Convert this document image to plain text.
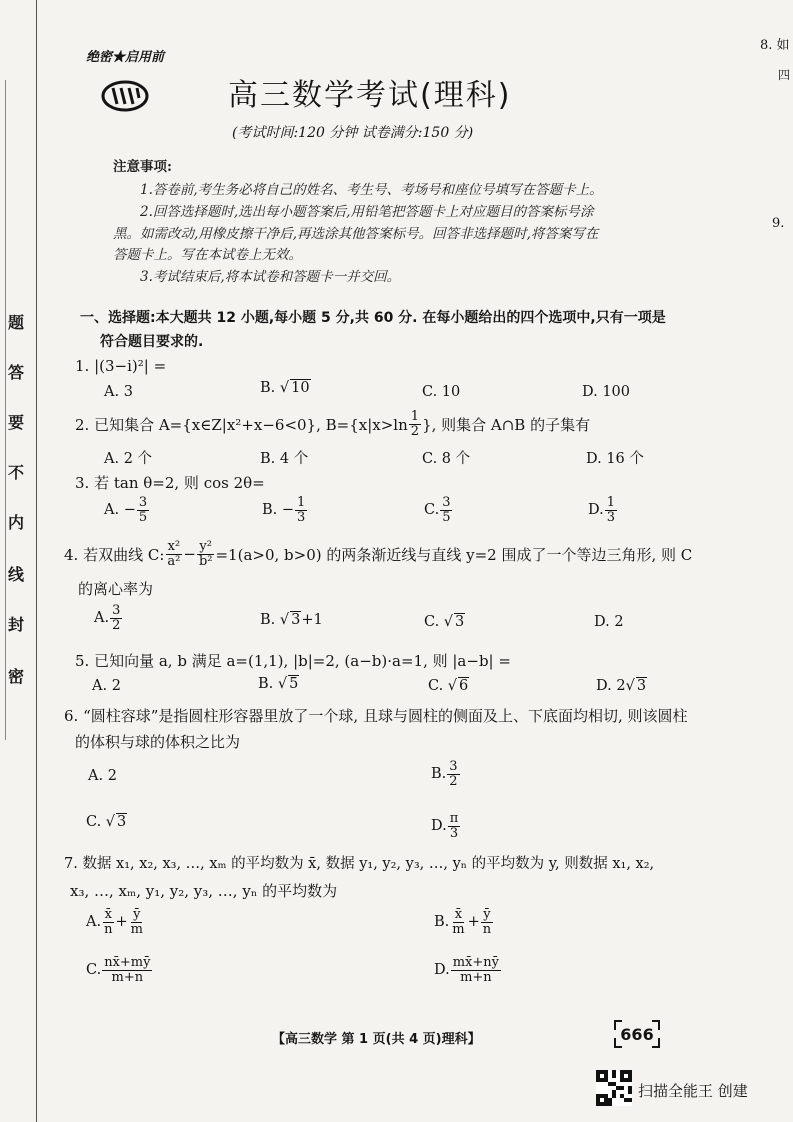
题
答
要
不
内
线
封
密
8. 如
四
9.
绝密★启用前
高三数学考试(理科)
(考试时间:120 分钟 试卷满分:150 分)
注意事项:
1.答卷前,考生务必将自己的姓名、考生号、考场号和座位号填写在答题卡上。
2.回答选择题时,选出每小题答案后,用铅笔把答题卡上对应题目的答案标号涂
黑。如需改动,用橡皮擦干净后,再选涂其他答案标号。回答非选择题时,将答案写在
答题卡上。写在本试卷上无效。
3.考试结束后,将本试卷和答题卡一并交回。
一、选择题:本大题共 12 小题,每小题 5 分,共 60 分. 在每小题给出的四个选项中,只有一项是
符合题目要求的.
1. |(3−i)²| =
A. 3	B. √ 10	C. 10	D. 100
2. 已知集合 A={x∈Z|x²+x−6<0}, $B=\{x|x>\ln \frac{1}{2}$ }, 则集合 A∩B 的子集有
A. 2 个	B. 4 个	C. 8 个	D. 16 个
3. 若 tan θ=2, 则 cos 2θ=
A. − $\frac{3}{5}$	B. − $\frac{1}{3}$	C. $\frac{3}{5}$	D. $\frac{1}{3}$
4. 若双曲线 C: $\frac{\text{x²}}{\text{a²}} - \frac{\text{y²}}{\text{b²}} =1(a>0$, b>0) 的两条渐近线与直线 y=2 围成了一个等边三角形, 则 C
的离心率为
A. $\frac{3}{2}$	B. √ 3+1	C. √ 3	D. 2
5. 已知向量 a, b 满足 a=(1,1), |b|=2, (a−b)·a=1, 则 |a−b| =
A. 2	B. √ 5	C. √ 6	D. 2√ 3
6. “圆柱容球”是指圆柱形容器里放了一个球, 且球与圆柱的侧面及上、下底面均相切, 则该圆柱
的体积与球的体积之比为
A. 2	B. $\frac{3}{2}$
C. √ 3	D. $\frac{\pi}{3}$
7. 数据 x₁, x₂, x₃, …, xₘ 的平均数为 x̄, 数据 y₁, y₂, y₃, …, yₙ 的平均数为 y, 则数据 x₁, x₂,
x₃, …, xₘ, y₁, y₂, y₃, …, yₙ 的平均数为
A. $\frac{x̄}{n} + \frac{ȳ}{m}$	B. $\frac{x̄}{m} + \frac{ȳ}{n}$
C. $\frac{nx̄+mȳ}{m+n}$	D. $\frac{mx̄+nȳ}{m+n}$
【高三数学 第 1 页(共 4 页)理科】	666
扫描全能王 创建
